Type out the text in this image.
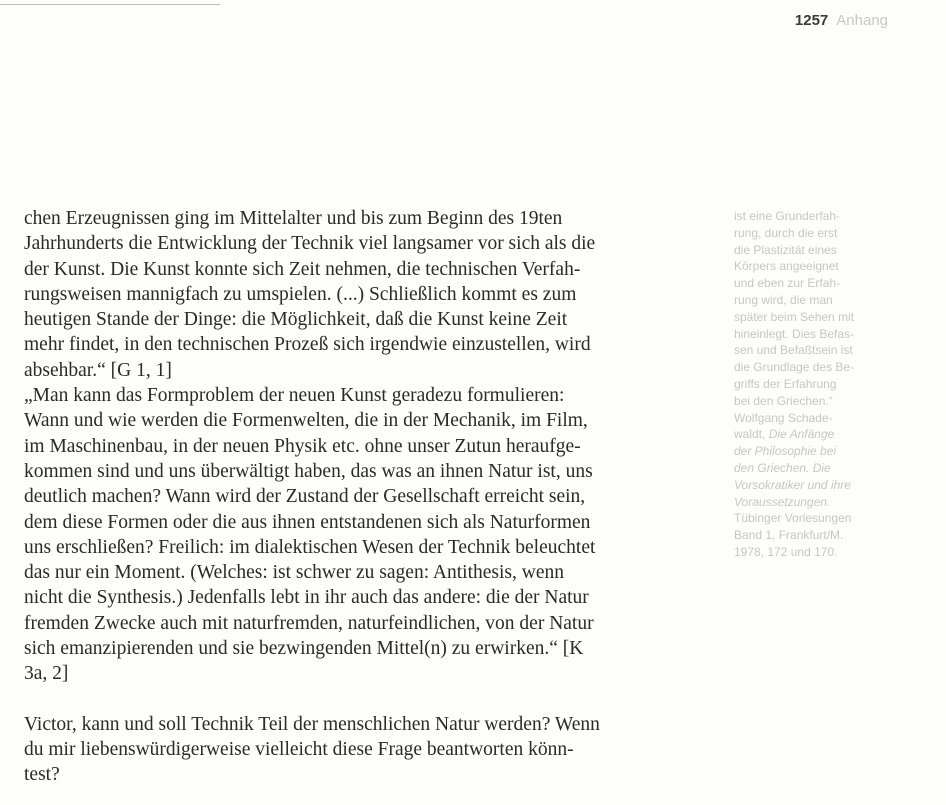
1257 Anhang
chen Erzeugnissen ging im Mittelalter und bis zum Beginn des 19ten
Jahrhunderts die Entwicklung der Technik viel langsamer vor sich als die
der Kunst. Die Kunst konnte sich Zeit nehmen, die technischen Verfah-
rungsweisen mannigfach zu umspielen. (...) Schließlich kommt es zum
heutigen Stande der Dinge: die Möglichkeit, daß die Kunst keine Zeit
mehr findet, in den technischen Prozeß sich irgendwie einzustellen, wird
absehbar.“ [G 1, 1]
„Man kann das Formproblem der neuen Kunst geradezu formulieren:
Wann und wie werden die Formenwelten, die in der Mechanik, im Film,
im Maschinenbau, in der neuen Physik etc. ohne unser Zutun heraufge-
kommen sind und uns überwältigt haben, das was an ihnen Natur ist, uns
deutlich machen? Wann wird der Zustand der Gesellschaft erreicht sein,
dem diese Formen oder die aus ihnen entstandenen sich als Naturformen
uns erschließen? Freilich: im dialektischen Wesen der Technik beleuchtet
das nur ein Moment. (Welches: ist schwer zu sagen: Antithesis, wenn
nicht die Synthesis.) Jedenfalls lebt in ihr auch das andere: die der Natur
fremden Zwecke auch mit naturfremden, naturfeindlichen, von der Natur
sich emanzipierenden und sie bezwingenden Mittel(n) zu erwirken.“ [K
3a, 2]
Victor, kann und soll Technik Teil der menschlichen Natur werden? Wenn
du mir liebenswürdigerweise vielleicht diese Frage beantworten könn-
test?
ist eine Grunderfah-
rung, durch die erst
die Plastizität eines
Körpers angeeignet
und eben zur Erfah-
rung wird, die man
später beim Sehen mit
hineinlegt. Dies Befas-
sen und Befaßtsein ist
die Grundlage des Be-
griffs der Erfahrung
bei den Griechen.“
Wolfgang Schade-
waldt, Die Anfänge
der Philosophie bei
den Griechen. Die
Vorsokratiker und ihre
Voraussetzungen.
Tübinger Vorlesungen
Band 1, Frankfurt/M.
1978, 172 und 170.
